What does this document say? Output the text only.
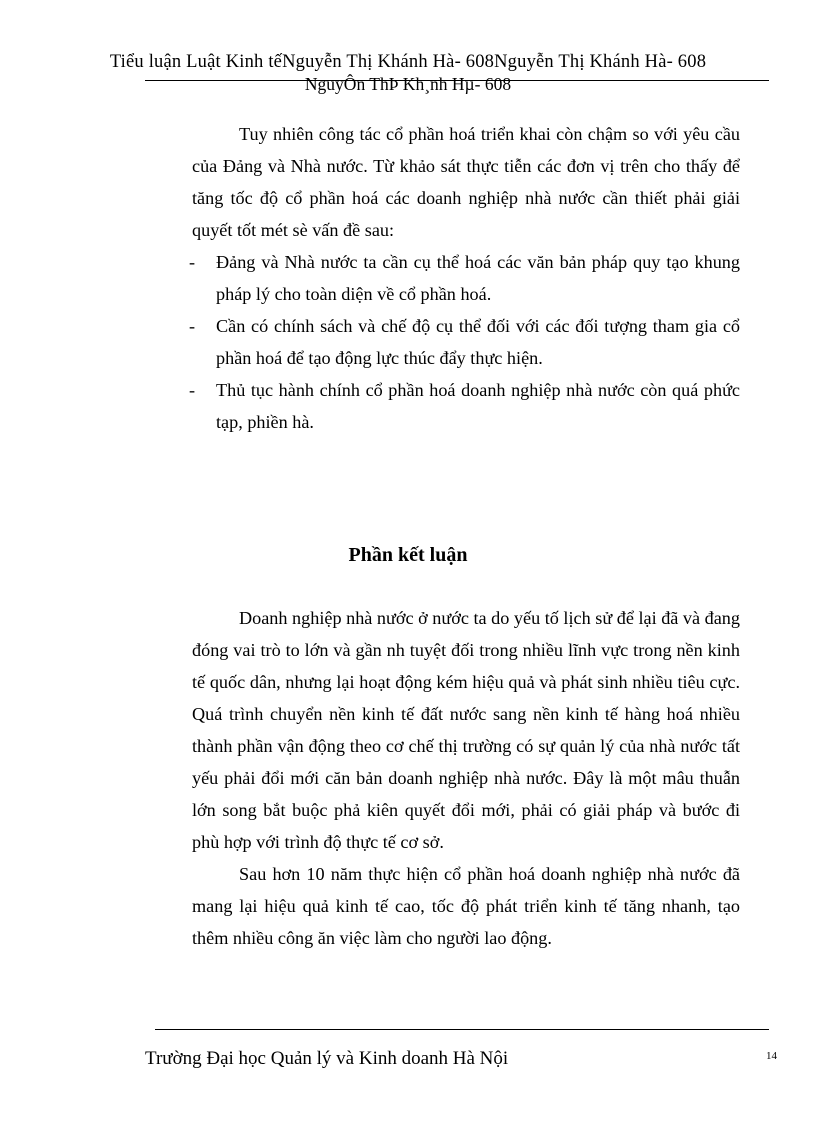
Tiểu luận Luật Kinh tếNguyễn Thị Khánh Hà- 608Nguyễn Thị Khánh Hà- 608
NguyÔn ThÞ Kh¸nh Hµ- 608

Tuy nhiên công tác cổ phần hoá triển khai còn chậm so với yêu cầu của Đảng và Nhà nước. Từ khảo sát thực tiễn các đơn vị trên cho thấy để tăng tốc độ cổ phần hoá các doanh nghiệp nhà nước cần thiết phải giải quyết tốt mét sè vấn đề sau:

- Đảng và Nhà nước ta cần cụ thể hoá các văn bản pháp quy tạo khung pháp lý cho toàn diện về cổ phần hoá.
- Cần có chính sách và chế độ cụ thể đối với các đối tượng tham gia cổ phần hoá để tạo động lực thúc đẩy thực hiện.
- Thủ tục hành chính cổ phần hoá doanh nghiệp nhà nước còn quá phức tạp, phiền hà.
Phần kết luận

Doanh nghiệp nhà nước ở nước ta do yếu tố lịch sử để lại đã và đang đóng vai trò to lớn và gần nh tuyệt đối trong nhiều lĩnh vực trong nền kinh tế quốc dân, nhưng lại hoạt động kém hiệu quả và phát sinh nhiều tiêu cực. Quá trình chuyển nền kinh tế đất nước sang nền kinh tế hàng hoá nhiều thành phần vận động theo cơ chế thị trường có sự quản lý của nhà nước tất yếu phải đổi mới căn bản doanh nghiệp nhà nước. Đây là một mâu thuẫn lớn song bắt buộc phả kiên quyết đổi mới, phải có giải pháp và bước đi phù hợp với trình độ thực tế cơ sở.

Sau hơn 10 năm thực hiện cổ phần hoá doanh nghiệp nhà nước đã mang lại hiệu quả kinh tế cao, tốc độ phát triển kinh tế tăng nhanh, tạo thêm nhiều công ăn việc làm cho người lao động.

Trường Đại học Quản lý và Kinh doanh Hà Nội	14
